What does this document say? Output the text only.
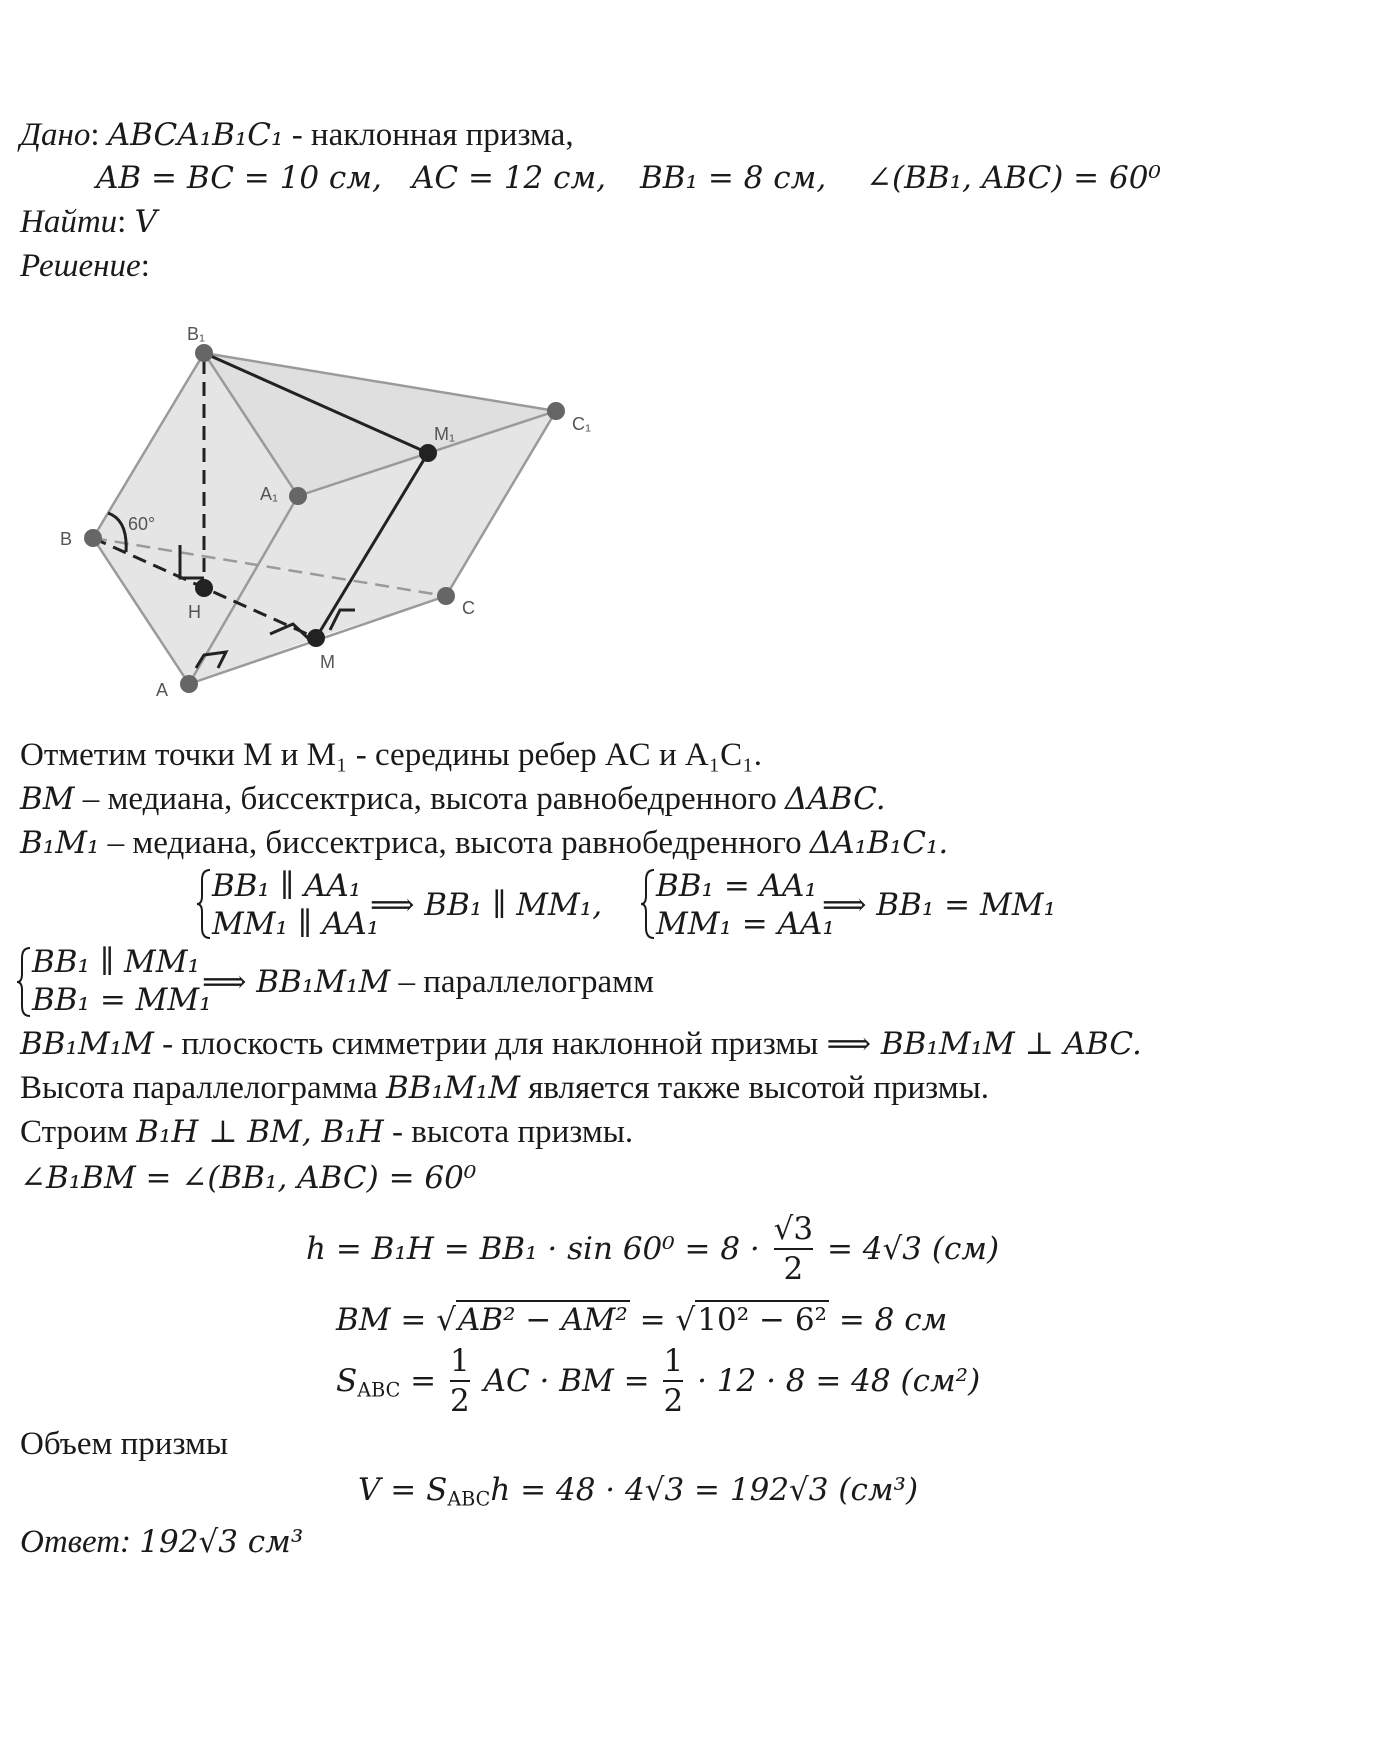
Дано: ABCA₁B₁C₁ - наклонная призма,
AB = BC = 10 см, AC = 12 см, BB₁ = 8 см, ∠(BB₁, ABC) = 60⁰
Найти: V
Решение:
B₁
C₁
M₁
A₁
B
H	C
M
A
60°
Отметим точки M и M₁ - середины ребер AC и A₁C₁.
BM – медиана, биссектриса, высота равнобедренного ΔABC.
B₁M₁ – медиана, биссектриса, высота равнобедренного ΔA₁B₁C₁.
BB₁ ∥ AA₁
MM₁ ∥ AA₁
⟹ BB₁ ∥ MM₁,
BB₁ = AA₁
MM₁ = AA₁
⟹ BB₁ = MM₁
BB₁ ∥ MM₁
BB₁ = MM₁
⟹ BB₁M₁M – параллелограмм
BB₁M₁M - плоскость симметрии для наклонной призмы ⟹ BB₁M₁M ⊥ ABC.
Высота параллелограмма BB₁M₁M является также высотой призмы.
Строим B₁H ⊥ BM, B₁H - высота призмы.
∠B₁BM = ∠(BB₁, ABC) = 60⁰
$h = B_1H = BB_1 \cdot \sin 60^0 = 8 \cdot \frac{√3}{2} = 4√3$ (см)
BM = √AB² − AM² = √10² − 6² = 8 см
$S_{ABC} = \frac{1}{2}$ AC · BM = $\frac{1}{2} \cdot 12 \cdot 8 = 48$ (см²)
Объем призмы
$V = S_{ABC}h = 48 \cdot 4√3 = 192√3$ (см³)
Ответ: 192√3 см³
